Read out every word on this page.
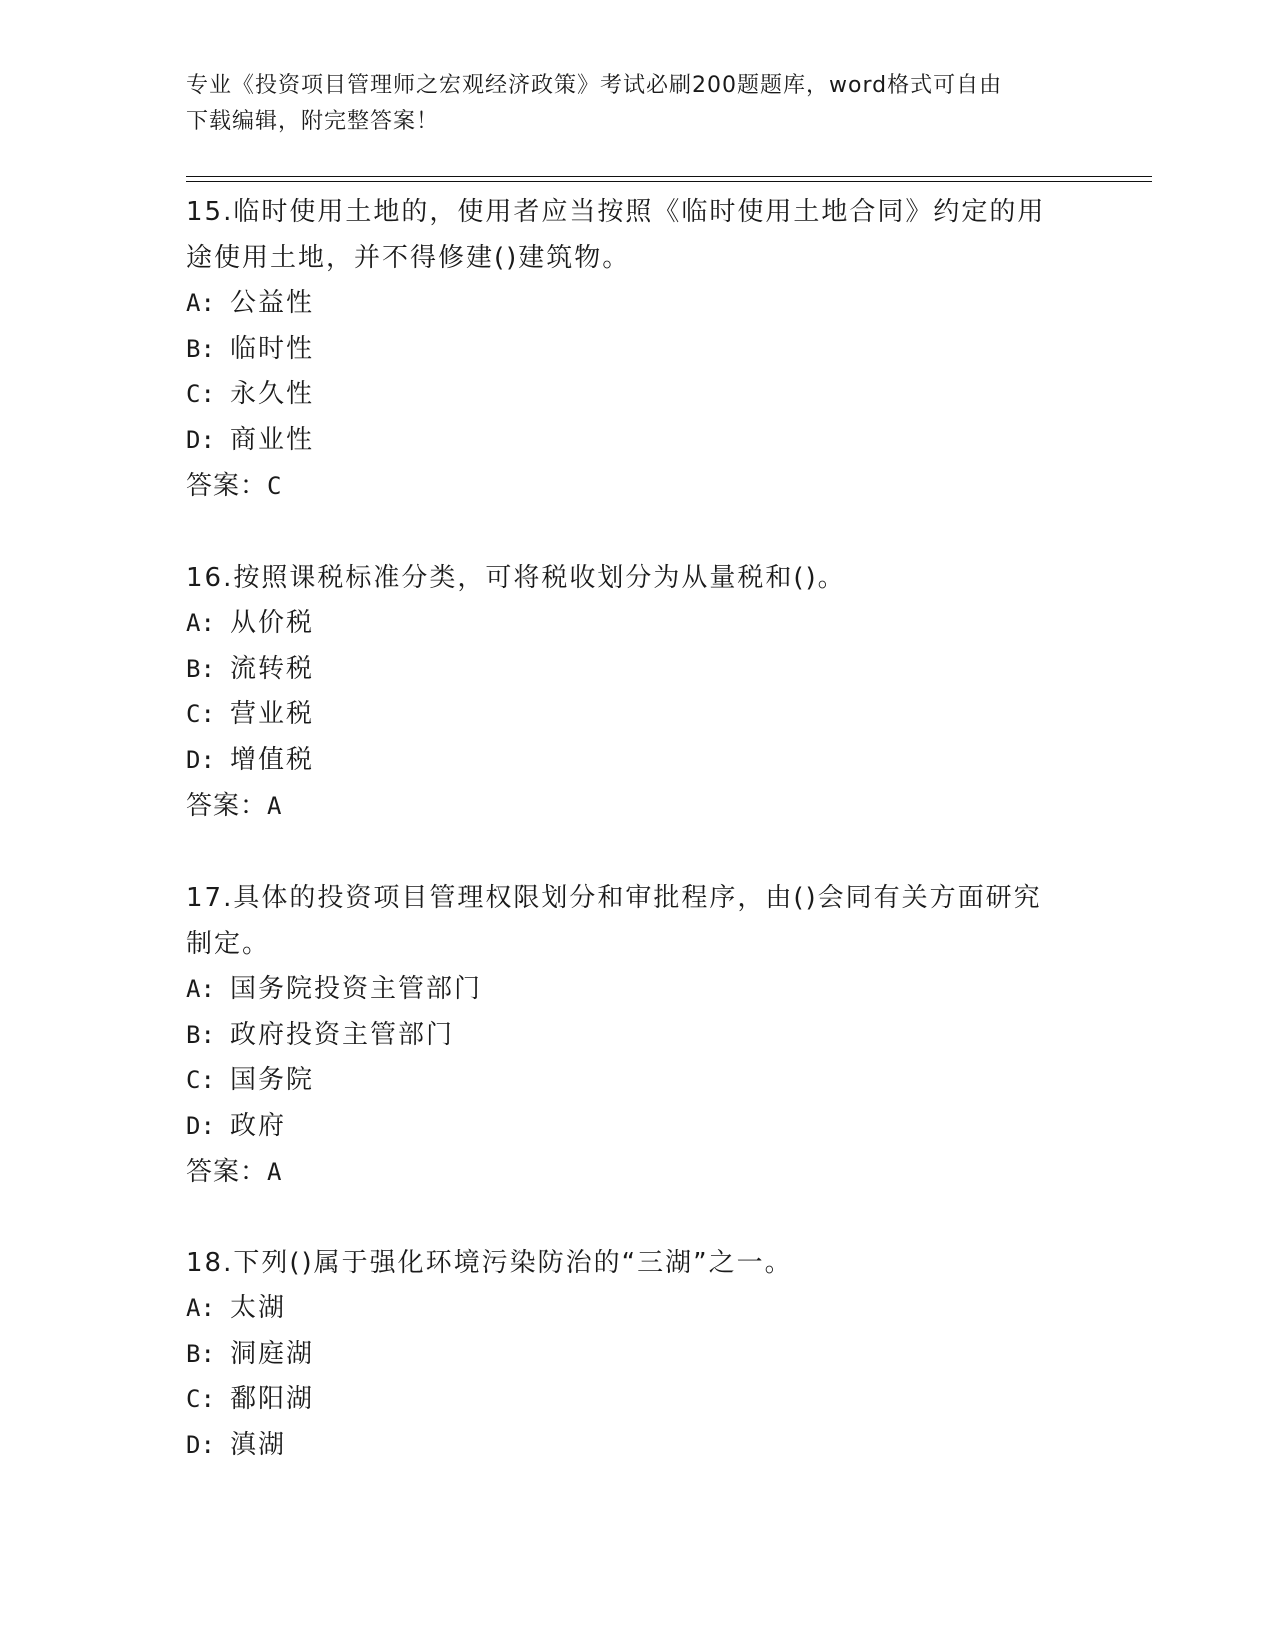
专业《投资项目管理师之宏观经济政策》考试必刷200题题库，word格式可自由
下载编辑，附完整答案！
15.临时使用土地的，使用者应当按照《临时使用土地合同》约定的用
途使用土地，并不得修建()建筑物。
A: 公益性
B: 临时性
C: 永久性
D: 商业性
答案：C
16.按照课税标准分类，可将税收划分为从量税和()。
A: 从价税
B: 流转税
C: 营业税
D: 增值税
答案：A
17.具体的投资项目管理权限划分和审批程序，由()会同有关方面研究
制定。
A: 国务院投资主管部门
B: 政府投资主管部门
C: 国务院
D: 政府
答案：A
18.下列()属于强化环境污染防治的“三湖”之一。
A: 太湖
B: 洞庭湖
C: 鄱阳湖
D: 滇湖
